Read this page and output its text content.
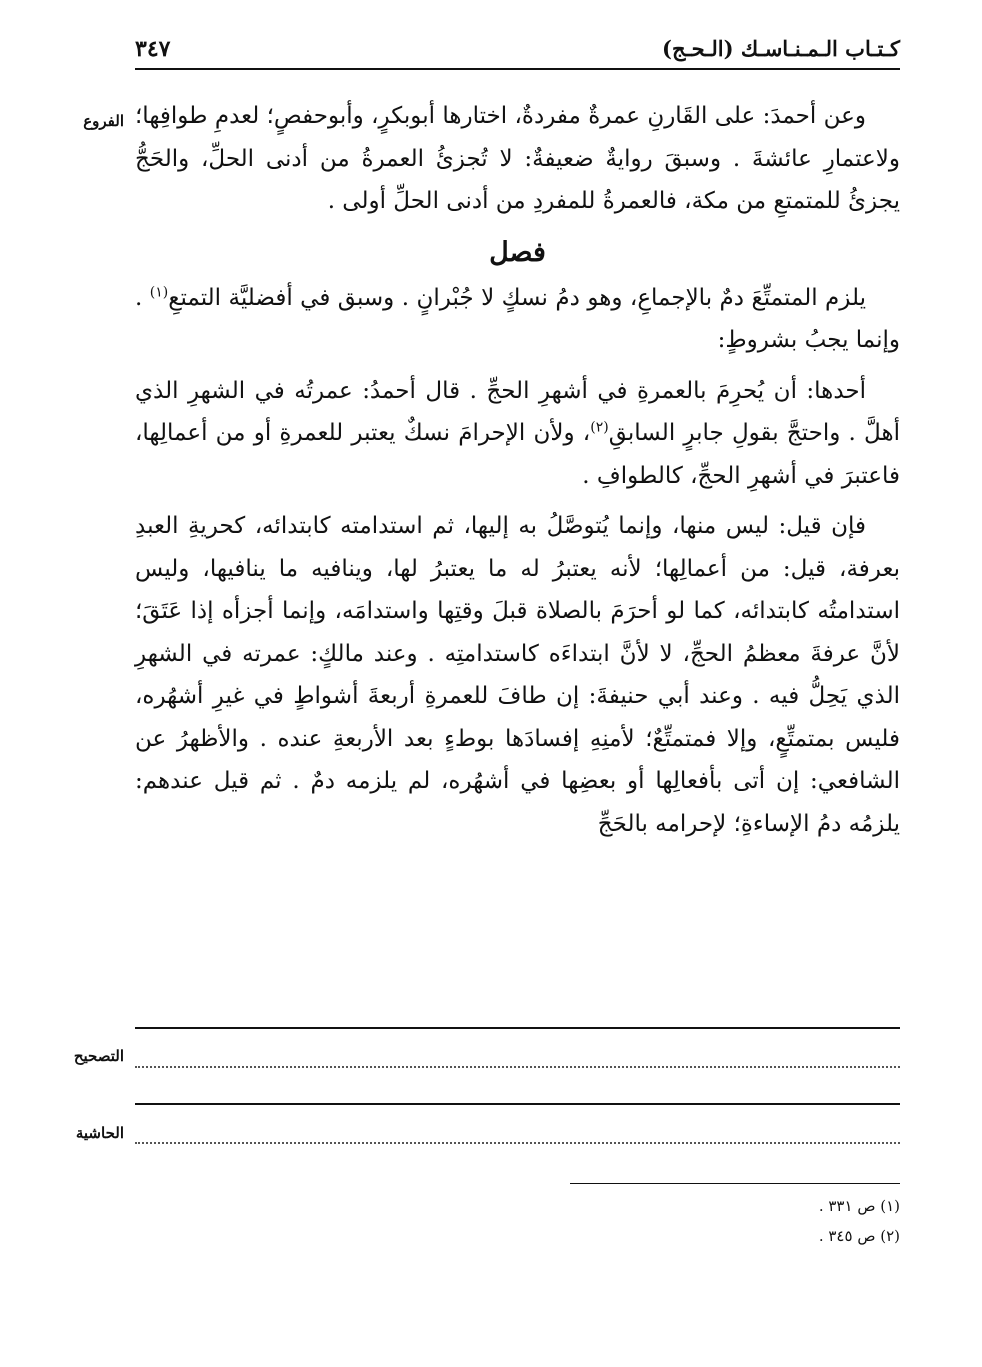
٣٤٧	كـتـاب الـمـنـاسـك (الـحـج)
الفروع وعن أحمدَ: على القَارنِ عمرةٌ مفردةٌ، اختارها أبوبكرٍ، وأبوحفصٍ؛ لعدمِ طوافِها؛ ولاعتمارِ عائشةَ . وسبقَ روايةٌ ضعيفةٌ: لا تُجزئُ العمرةُ من أدنى الحلِّ، والحَجُّ يجزئُ للمتمتعِ من مكة، فالعمرةُ للمفردِ من أدنى الحلِّ أولى .

فصل

يلزم المتمتِّعَ دمٌ بالإجماعِ، وهو دمُ نسكٍ لا جُبْرانٍ . وسبق في أفضليَّة التمتعِ$^{(١)}$ . وإنما يجبُ بشروطٍ:

أحدها: أن يُحرِمَ بالعمرةِ في أشهرِ الحجِّ . قال أحمدُ: عمرتُه في الشهرِ الذي أهلَّ . واحتجَّ بقولِ جابرٍ السابقِ$^{(٢)}$، ولأن الإحرامَ نسكٌ يعتبر للعمرةِ أو من أعمالِها، فاعتبرَ في أشهرِ الحجِّ، كالطوافِ .

فإن قيل: ليس منها، وإنما يُتوصَّلُ به إليها، ثم استدامته كابتدائه، كحريةِ العبدِ بعرفة، قيل: من أعمالِها؛ لأنه يعتبرُ له ما يعتبرُ لها، وينافيه ما ينافيها، وليس استدامتُه كابتدائه، كما لو أحرَمَ بالصلاة قبلَ وقتِها واستدامَه، وإنما أجزأه إذا عَتَقَ؛ لأنَّ عرفةَ معظمُ الحجِّ، لا لأنَّ ابتداءَه كاستدامتِه . وعند مالكٍ: عمرته في الشهرِ الذي يَحِلُّ فيه . وعند أبي حنيفةَ: إن طافَ للعمرةِ أربعةَ أشواطٍ في غيرِ أشهُره، فليس بمتمتِّعٍ، وإلا فمتمتِّعٌ؛ لأمنِهِ إفسادَها بوطءٍ بعد الأربعةِ عنده . والأظهرُ عن الشافعي: إن أتى بأفعالِها أو بعضِها في أشهُره، لم يلزمه دمٌ . ثم قيل عندهم: يلزمُه دمُ الإساءةِ؛ لإحرامه بالحَجِّ

التصحيح
الحاشية
(١) ص ٣٣١ .
(٢) ص ٣٤٥ .
